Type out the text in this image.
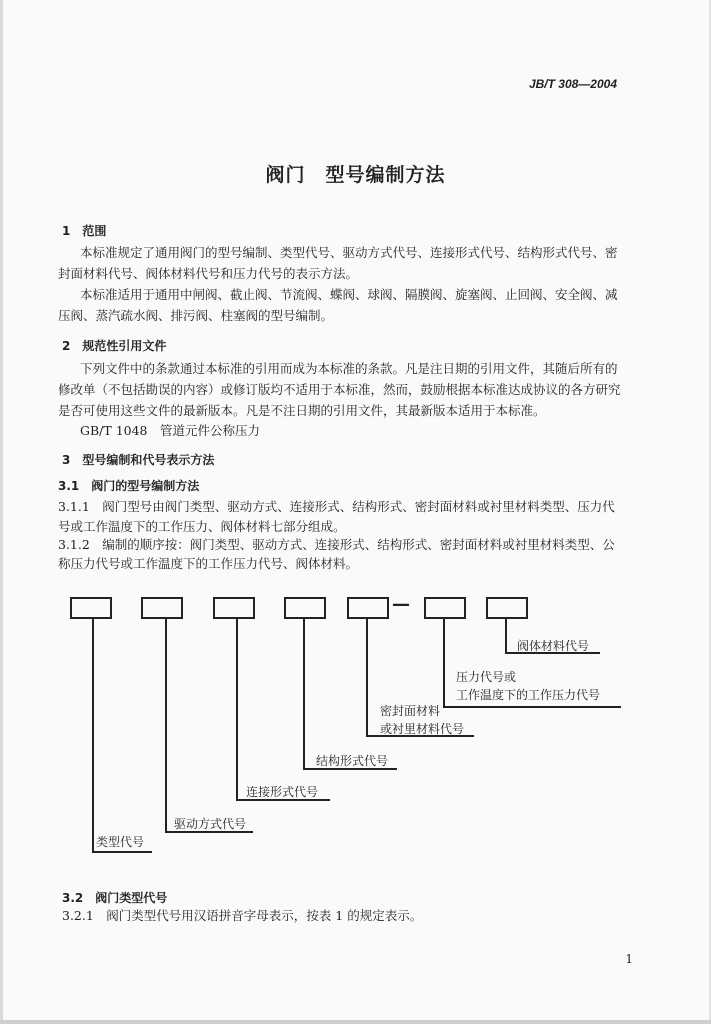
JB/T 308—2004
阀门　型号编制方法
1　范围
本标准规定了通用阀门的型号编制、类型代号、驱动方式代号、连接形式代号、结构形式代号、密
封面材料代号、阀体材料代号和压力代号的表示方法。
本标准适用于通用中闸阀、截止阀、节流阀、蝶阀、球阀、隔膜阀、旋塞阀、止回阀、安全阀、减
压阀、蒸汽疏水阀、排污阀、柱塞阀的型号编制。
2　规范性引用文件
下列文件中的条款通过本标准的引用而成为本标准的条款。凡是注日期的引用文件，其随后所有的
修改单（不包括勘误的内容）或修订版均不适用于本标准，然而，鼓励根据本标准达成协议的各方研究
是否可使用这些文件的最新版本。凡是不注日期的引用文件，其最新版本适用于本标准。
GB/T 1048　管道元件公称压力
3　型号编制和代号表示方法
3.1　阀门的型号编制方法
3.1.1　阀门型号由阀门类型、驱动方式、连接形式、结构形式、密封面材料或衬里材料类型、压力代
号或工作温度下的工作压力、阀体材料七部分组成。
3.1.2　编制的顺序按：阀门类型、驱动方式、连接形式、结构形式、密封面材料或衬里材料类型、公
称压力代号或工作温度下的工作压力代号、阀体材料。
—
阀体材料代号
压力代号或
工作温度下的工作压力代号
密封面材料
或衬里材料代号
结构形式代号
连接形式代号
驱动方式代号
类型代号
3.2　阀门类型代号
3.2.1　阀门类型代号用汉语拼音字母表示，按表 1 的规定表示。
1
